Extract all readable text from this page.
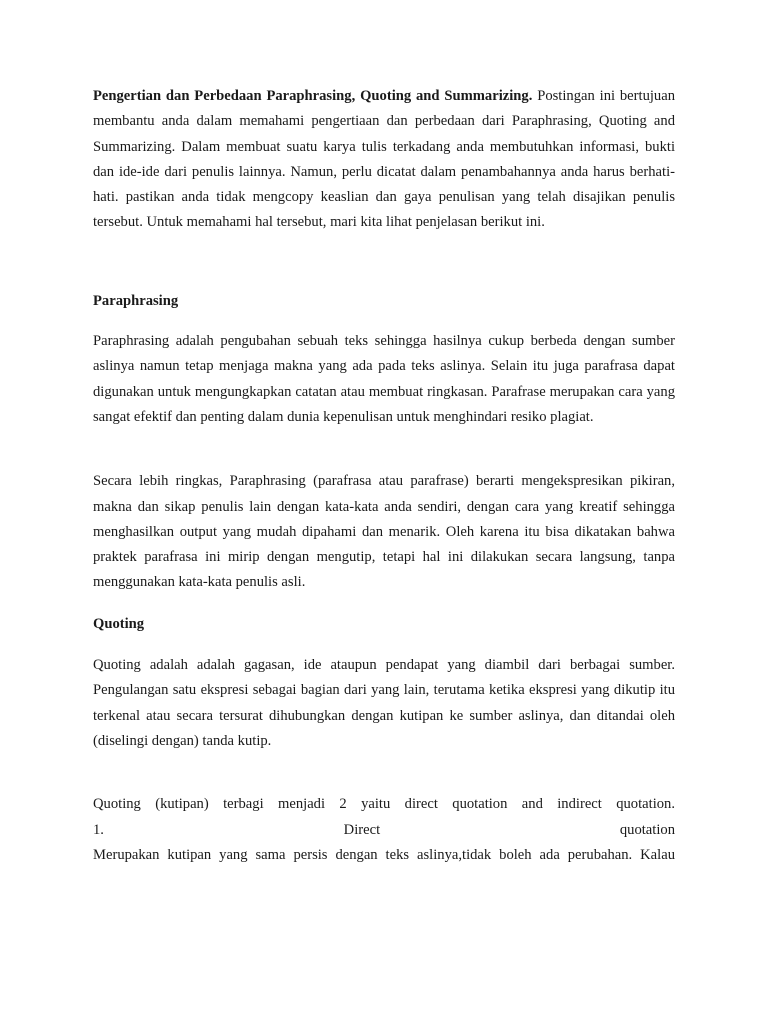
Pengertian dan Perbedaan Paraphrasing, Quoting and Summarizing. Postingan ini bertujuan membantu anda dalam memahami pengertiaan dan perbedaan dari Paraphrasing, Quoting and Summarizing. Dalam membuat suatu karya tulis terkadang anda membutuhkan informasi, bukti dan ide-ide dari penulis lainnya. Namun, perlu dicatat dalam penambahannya anda harus berhati-hati. pastikan anda tidak mengcopy keaslian dan gaya penulisan yang telah disajikan penulis tersebut. Untuk memahami hal tersebut, mari kita lihat penjelasan berikut ini.

Paraphrasing

Paraphrasing adalah pengubahan sebuah teks sehingga hasilnya cukup berbeda dengan sumber aslinya namun tetap menjaga makna yang ada pada teks aslinya. Selain itu juga parafrasa dapat digunakan untuk mengungkapkan catatan atau membuat ringkasan. Parafrase merupakan cara yang sangat efektif dan penting dalam dunia kepenulisan untuk menghindari resiko plagiat.

Secara lebih ringkas, Paraphrasing (parafrasa atau parafrase) berarti mengekspresikan pikiran, makna dan sikap penulis lain dengan kata-kata anda sendiri, dengan cara yang kreatif sehingga menghasilkan output yang mudah dipahami dan menarik. Oleh karena itu bisa dikatakan bahwa praktek parafrasa ini mirip dengan mengutip, tetapi hal ini dilakukan secara langsung, tanpa menggunakan kata-kata penulis asli.

Quoting

Quoting adalah adalah gagasan, ide ataupun pendapat yang diambil dari berbagai sumber. Pengulangan satu ekspresi sebagai bagian dari yang lain, terutama ketika ekspresi yang dikutip itu terkenal atau secara tersurat dihubungkan dengan kutipan ke sumber aslinya, dan ditandai oleh (diselingi dengan) tanda kutip.

Quoting (kutipan) terbagi menjadi 2 yaitu direct quotation and indirect quotation.

1.	Direct	quotation

Merupakan kutipan yang sama persis dengan teks aslinya,tidak boleh ada perubahan. Kalau
